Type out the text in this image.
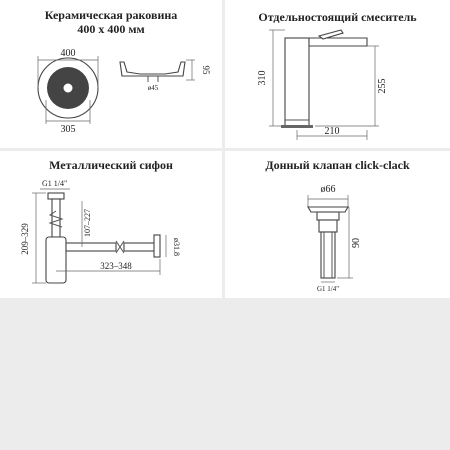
Керамическая раковина
400 x 400 мм
400
305
95
ø45
Отдельностоящий смеситель
310
255
210
Металлический сифон
G1 1/4"
209–329
107–227
323–348
ø31.8
Донный клапан click-clack
ø66
90
G1 1/4"
